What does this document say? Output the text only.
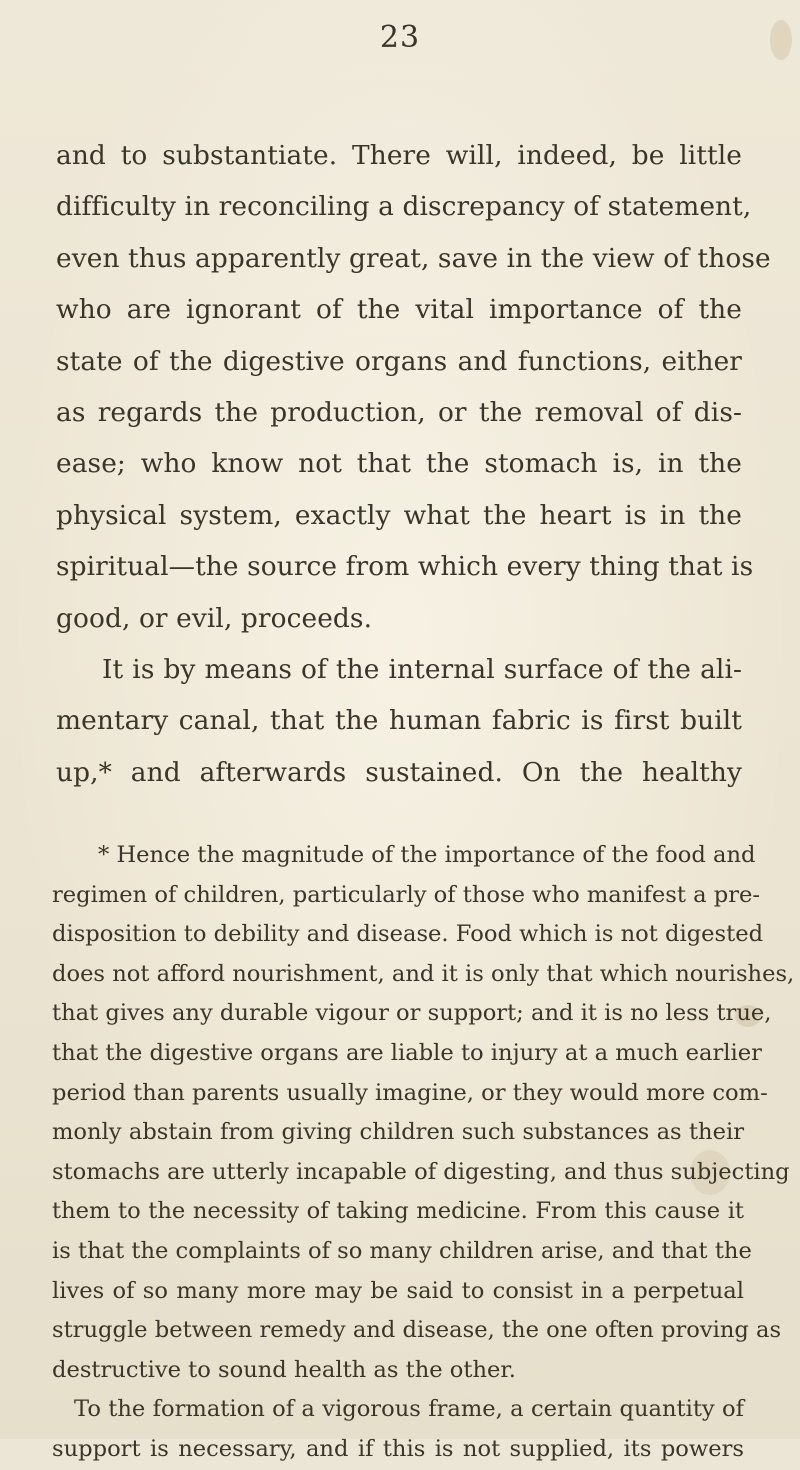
23
and to substantiate. There will, indeed, be little
difficulty in reconciling a discrepancy of statement,
even thus apparently great, save in the view of those
who are ignorant of the vital importance of the
state of the digestive organs and functions, either
as regards the production, or the removal of dis-
ease; who know not that the stomach is, in the
physical system, exactly what the heart is in the
spiritual—the source from which every thing that is
good, or evil, proceeds.
It is by means of the internal surface of the ali-
mentary canal, that the human fabric is first built
up,* and afterwards sustained. On the healthy
* Hence the magnitude of the importance of the food and
regimen of children, particularly of those who manifest a pre-
disposition to debility and disease. Food which is not digested
does not afford nourishment, and it is only that which nourishes,
that gives any durable vigour or support; and it is no less true,
that the digestive organs are liable to injury at a much earlier
period than parents usually imagine, or they would more com-
monly abstain from giving children such substances as their
stomachs are utterly incapable of digesting, and thus subjecting
them to the necessity of taking medicine. From this cause it
is that the complaints of so many children arise, and that the
lives of so many more may be said to consist in a perpetual
struggle between remedy and disease, the one often proving as
destructive to sound health as the other.
To the formation of a vigorous frame, a certain quantity of
support is necessary, and if this is not supplied, its powers
